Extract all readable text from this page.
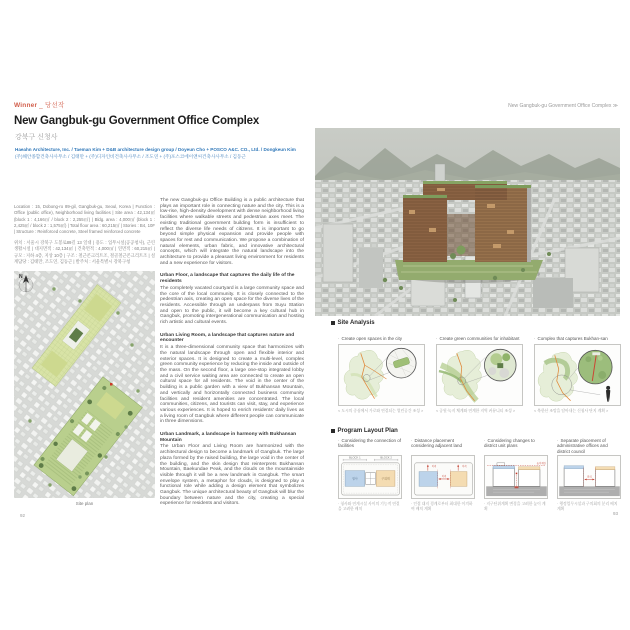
Winner _ 당선작	New Gangbuk-gu Government Office Complex ≫
New Gangbuk-gu Government Office Complex
강북구 신청사
Haeahn Architecture, Inc. / Taeman Kim + D&B architecture design group / Doyeun Cho + POSCO A&C. CO., Ltd. / Dongkeun Kim
(주)해안종합건축사사무소 / 김태만 + (주)디자인비건축사사무소 / 조도연 + (주)포스코에이앤씨건축사사무소 / 김동근
Location : 15, Dobong-ro 89-gil, Gangbuk-gu, Seoul, Korea | Function : Office (public office), Neighborhood living facilities | Site area : 42,134㎡ (block 1 : 4,166㎡ / block 2 : 2,255㎡) | Bldg. area : 4,000㎡ (block 1 : 2,425㎡ / block 2 : 1,575㎡) | Total floor area : 60,215㎡ | Stories : B4, 10F | Structure : Reinforced concrete, Steel framed reinforced concrete
위치 : 서울시 강북구 도봉로89길 13 일대 | 용도 : 업무시설(공공청사), 근린생활시설 | 대지면적 : 42,134㎡ | 건축면적 : 4,000㎡ | 연면적 : 60,215㎡ | 규모 : 지하 4층, 지상 10층 | 구조 : 철근콘크리트조, 철골철근콘크리트조 | 설계담당 : 김태만, 조도연, 김동근 | 발주처 : 서울특별시 강북구청
N
Site plan
92

The new Gangbuk-gu Office Building is a public architecture that plays an important role in connecting nature and the city. This is a low-rise, high-density development with dense neighborhood living facilities where walkable streets and pedestrian axes meet. The existing traditional government building form is insufficient to reflect the diverse life needs of citizens. It is important to go beyond simple physical expansion and provide people with spaces for rest and communication. We propose a combination of natural elements, urban fabric, and innovative architectural concepts, which will integrate the natural landscape into the architecture to provide a pleasant living environment for residents and a new experience for visitors.

Urban Floor, a landscape that captures the daily life of the residents

The completely vacated courtyard is a large community space and the core of the local community. It is closely connected to the pedestrian axis, creating an open space for the diverse lives of the residents. Accessible through an underpass from Suyu Station and open to the public, it will become a key cultural hub in Gangbuk, promoting intergenerational communication and hosting rich artistic and cultural events.

Urban Living Room, a landscape that captures nature and encounter

It is a three-dimensional community space that harmonizes with the natural landscape through open and flexible interior and exterior spaces. It is designed to create a multi-level, complex green community experience by reducing the inside and outside of the mass. On the second floor, a large one-stop integrated lobby and a civil service waiting area are connected to create an open cultural space for all residents. The void in the center of the building is a public garden with a view of Bukhansan Mountain, and vertically and horizontally connected business community facilities and resident amenities are concentrated. The local communities, citizens, and tourists can visit, stay, and experience various experiences. It is hoped to enrich residents' daily lives as a living room of Gangbuk where different people can communicate in three dimensions.

Urban Landmark, a landscape in harmony with Bukhansan Mountain

The Urban Floor and Living Room are harmonized with the architectural design to become a landmark of Gangbuk. The large plaza formed by the raised building, the large void in the center of the building, and the skin design that reinterprets Bukhansan Mountain, Baekundae Peak, and the clouds on the mountainside visible through it will be a new landmark in Gangbuk. The smart envelope system, a metaphor for clouds, is designed to play a functional role while adding a design element that symbolizes Gangbuk. The unique architectural beauty of Gangbuk will blur the boundary between nature and the city, creating a special experience for residents and visitors.

Site Analysis
· Create open spaces in the city	· Create green communities for inhabitant	· Complex that captures Bukhan-san
< 도시의 중심에서 가로와 연결되는 열린공간 조성 >	< 공원·녹지 체계와 연계한 지역 커뮤니티 조성 >	< 북한산 조망을 담아내는 신청사 단지 계획 >
Program Layout Plan
· Considering the connection of facilities
· Distance placement considering adjacent land
· Considering changes to district unit plans
· Separate placement of administrative offices and district council
BLOCK 1	BLOCK 2
청사	구의회
이격	이격
이격
높이제한
분리
· 청사와 연계시설 사이의 기능적 연결을 고려한 배치
· 인접 대지 경계로부터 최대한 이격하여 배치 계획
· 지구단위계획 변경을 고려한 높이 계획
· 행정업무시설과 구의회의 분리 배치 계획
93
